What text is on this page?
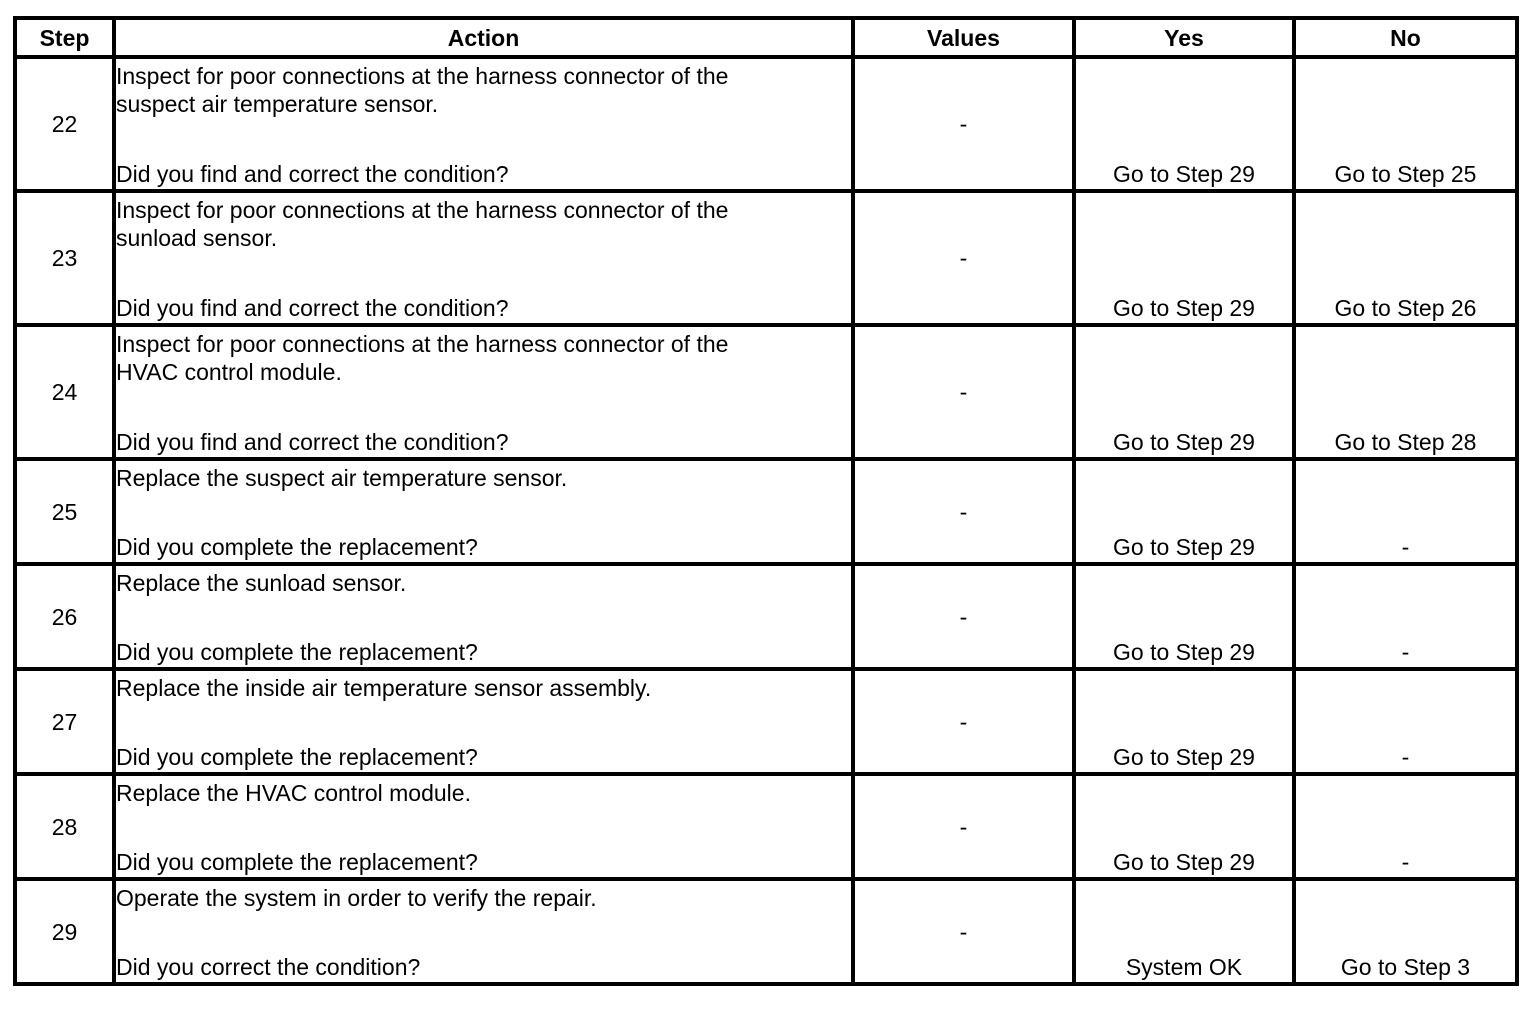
Step	Action	Values	Yes	No
22	Inspect for poor connections at the harness connector of the
suspect air temperature sensor.
Did you find and correct the condition?	-	Go to Step 29	Go to Step 25

23	Inspect for poor connections at the harness connector of the
sunload sensor.
Did you find and correct the condition?	-	Go to Step 29	Go to Step 26

24	Inspect for poor connections at the harness connector of the
HVAC control module.
Did you find and correct the condition?	-	Go to Step 29	Go to Step 28

25	Replace the suspect air temperature sensor.
Did you complete the replacement?	-	Go to Step 29	-

26	Replace the sunload sensor.
Did you complete the replacement?	-	Go to Step 29	-

27	Replace the inside air temperature sensor assembly.
Did you complete the replacement?	-	Go to Step 29	-

28	Replace the HVAC control module.
Did you complete the replacement?	-	Go to Step 29	-

29	Operate the system in order to verify the repair.
Did you correct the condition?	-	System OK	Go to Step 3
